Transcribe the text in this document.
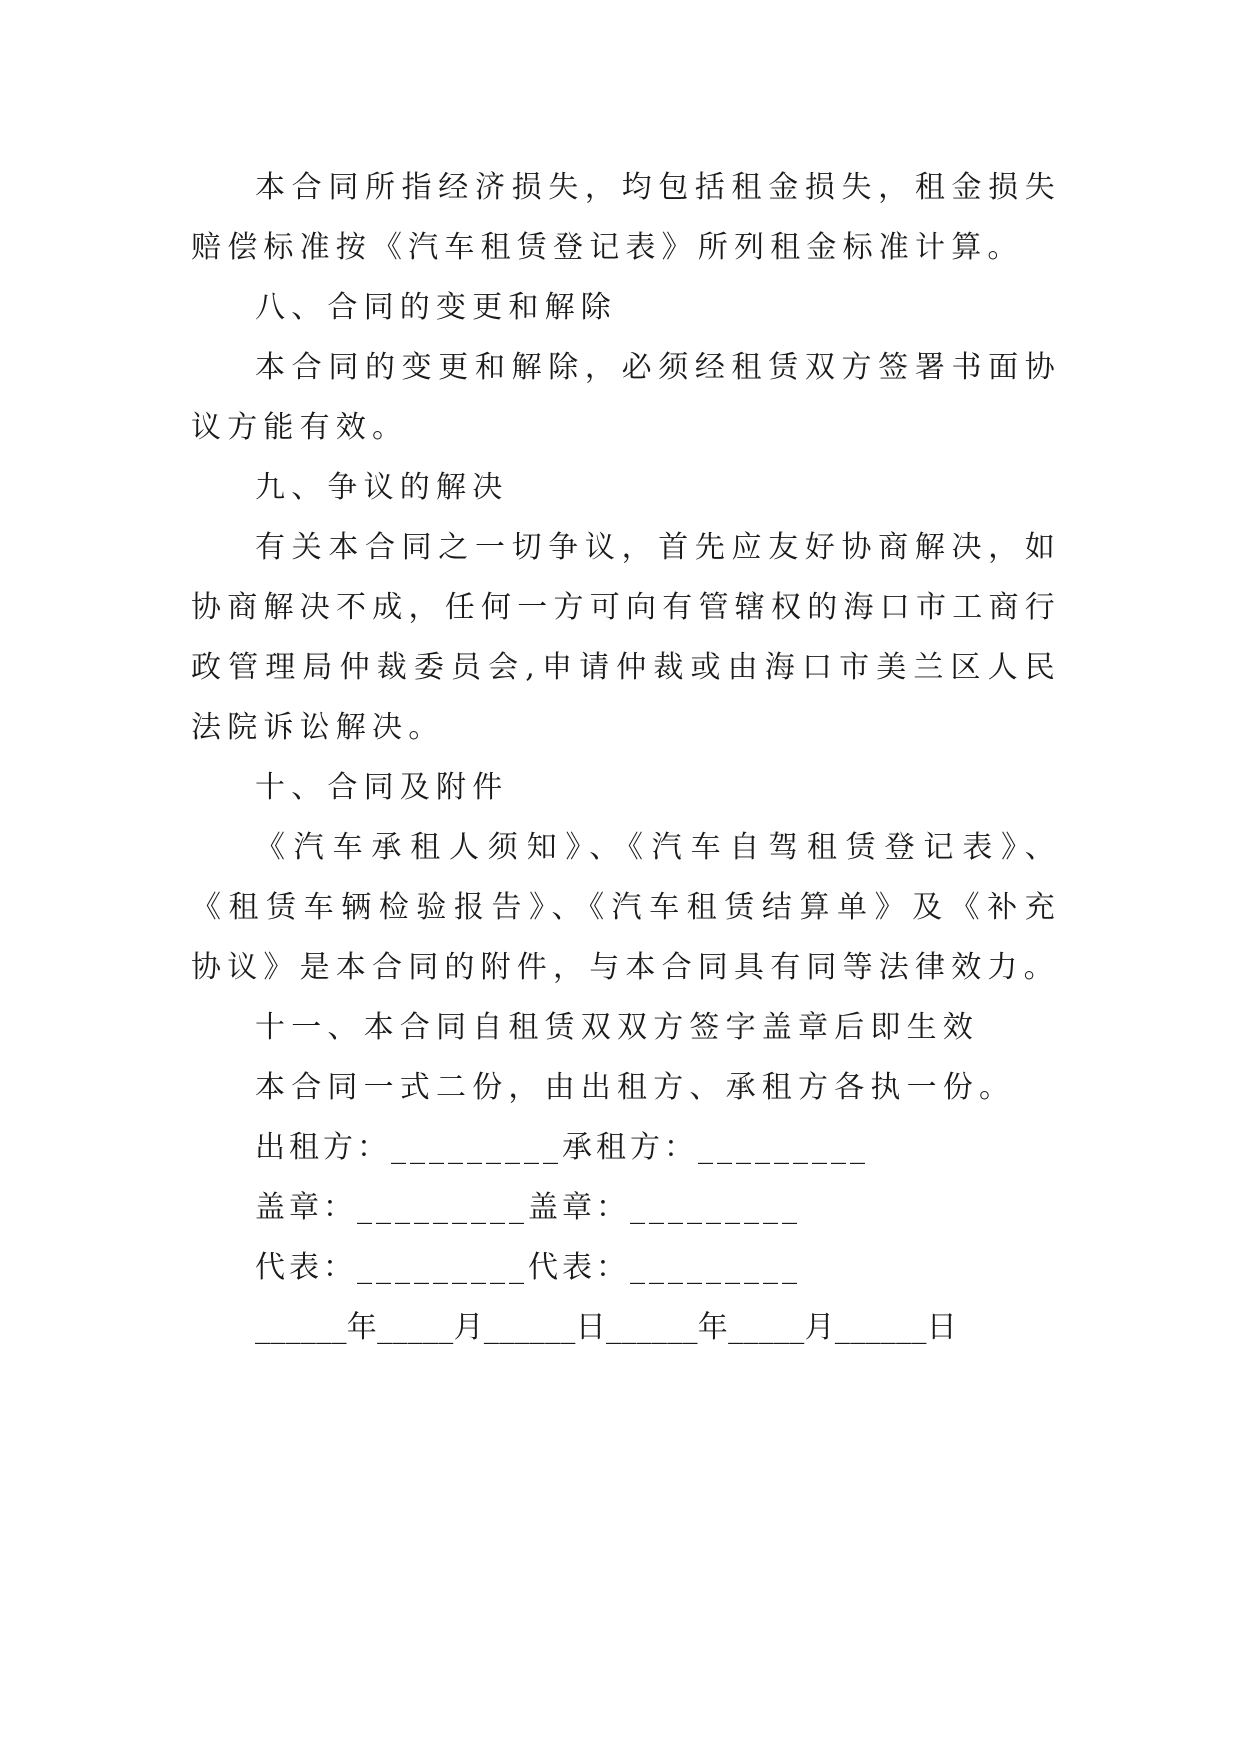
本合同所指经济损失，均包括租金损失，租金损失赔偿标准按《汽车租赁登记表》所列租金标准计算。

八、合同的变更和解除

本合同的变更和解除，必须经租赁双方签署书面协议方能有效。

九、争议的解决

有关本合同之一切争议，首先应友好协商解决，如协商解决不成，任何一方可向有管辖权的海口市工商行政管理局仲裁委员会,申请仲裁或由海口市美兰区人民法院诉讼解决。

十、合同及附件

《汽车承租人须知》、《汽车自驾租赁登记表》、《租赁车辆检验报告》、《汽车租赁结算单》及《补充协议》是本合同的附件，与本合同具有同等法律效力。

十一、本合同自租赁双双方签字盖章后即生效

本合同一式二份，由出租方、承租方各执一份。

出租方：_________承租方：_________

盖章：_________盖章：_________

代表：_________代表：_________

______年_____月______日______年_____月______日
